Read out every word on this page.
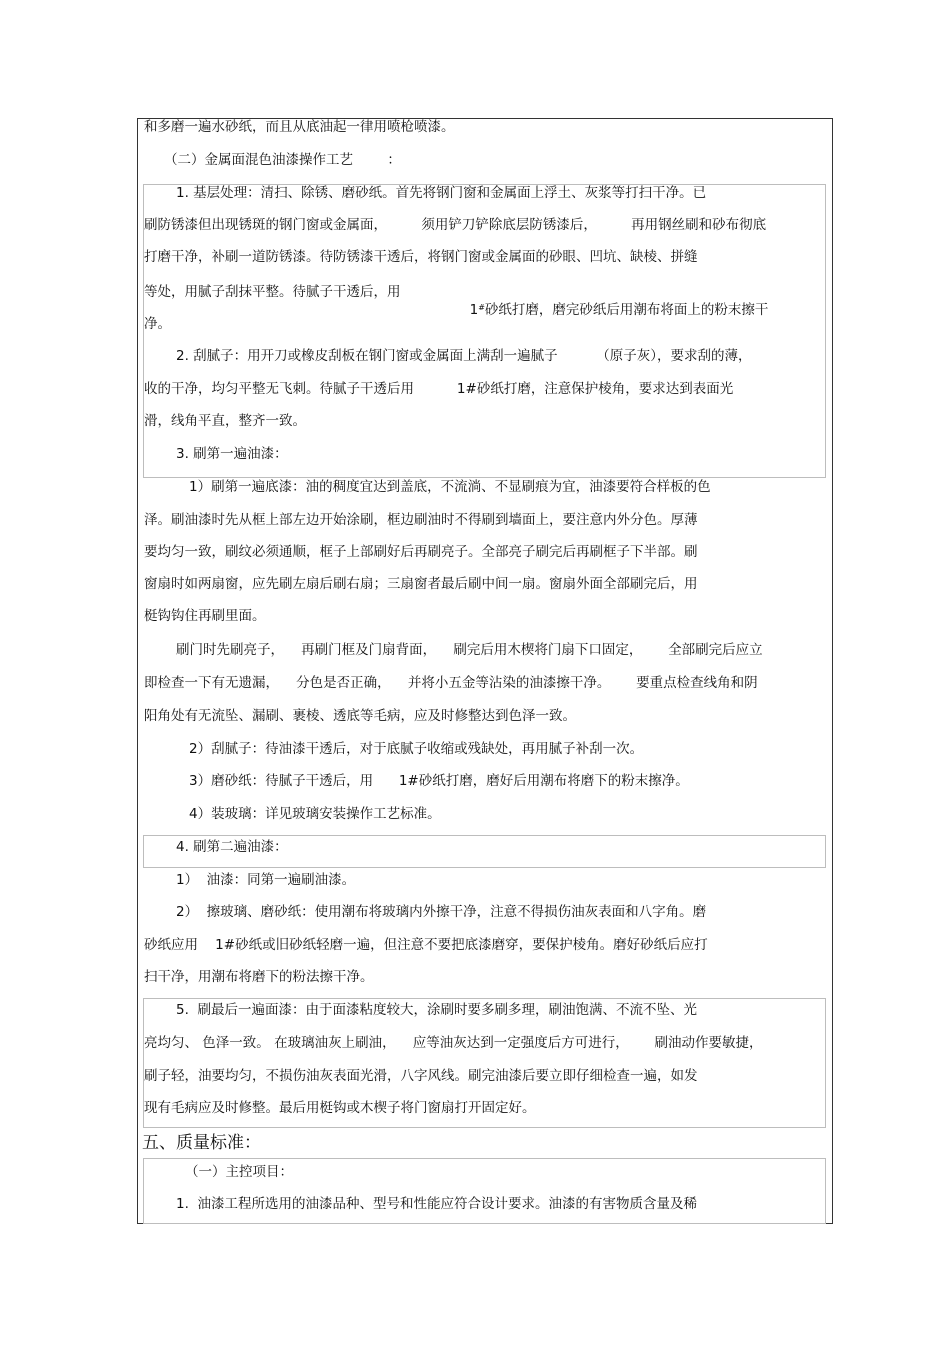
和多磨一遍水砂纸，而且从底油起一律用喷枪喷漆。
（二）金属面混色油漆操作工艺        ：
1. 基层处理：清扫、除锈、磨砂纸。首先将钢门窗和金属面上浮土、灰浆等打扫干净。已
刷防锈漆但出现锈斑的钢门窗或金属面，        须用铲刀铲除底层防锈漆后，        再用钢丝刷和砂布彻底
打磨干净，补刷一道防锈漆。待防锈漆干透后，将钢门窗或金属面的砂眼、凹坑、缺棱、拼缝
等处，用腻子刮抹平整。待腻子干透后，用

1#砂纸打磨，磨完砂纸后用潮布将面上的粉末擦干

净。
2. 刮腻子：用开刀或橡皮刮板在钢门窗或金属面上满刮一遍腻子         （原子灰），要求刮的薄，
收的干净，均匀平整无飞刺。待腻子干透后用          1#砂纸打磨，注意保护棱角，要求达到表面光
滑，线角平直，整齐一致。
3. 刷第一遍油漆：
1）刷第一遍底漆：油的稠度宜达到盖底，不流淌、不显刷痕为宜，油漆要符合样板的色
泽。刷油漆时先从框上部左边开始涂刷，框边刷油时不得刷到墙面上，要注意内外分色。厚薄
要均匀一致，刷纹必须通顺，框子上部刷好后再刷亮子。全部亮子刷完后再刷框子下半部。刷
窗扇时如两扇窗，应先刷左扇后刷右扇；三扇窗者最后刷中间一扇。窗扇外面全部刷完后，用
梃钩钩住再刷里面。
刷门时先刷亮子，    再刷门框及门扇背面，    刷完后用木楔将门扇下口固定，      全部刷完后应立
即检查一下有无遗漏，    分色是否正确，    并将小五金等沾染的油漆擦干净。      要重点检查线角和阴
阳角处有无流坠、漏刷、裹棱、透底等毛病，应及时修整达到色泽一致。
2）刮腻子：待油漆干透后，对于底腻子收缩或残缺处，再用腻子补刮一次。
3）磨砂纸：待腻子干透后，用      1#砂纸打磨，磨好后用潮布将磨下的粉末擦净。
4）装玻璃：详见玻璃安装操作工艺标准。
4. 刷第二遍油漆：
1）  油漆：同第一遍刷油漆。
2）  擦玻璃、磨砂纸：使用潮布将玻璃内外擦干净，注意不得损伤油灰表面和八字角。磨
砂纸应用    1#砂纸或旧砂纸轻磨一遍，但注意不要把底漆磨穿，要保护棱角。磨好砂纸后应打
扫干净，用潮布将磨下的粉法擦干净。
5.  刷最后一遍面漆：由于面漆粘度较大，涂刷时要多刷多理，刷油饱满、不流不坠、光
亮均匀、 色泽一致。 在玻璃油灰上刷油，    应等油灰达到一定强度后方可进行，      刷油动作要敏捷，
刷子轻，油要均匀，不损伤油灰表面光滑，八字风线。刷完油漆后要立即仔细检查一遍，如发
现有毛病应及时修整。最后用梃钩或木楔子将门窗扇打开固定好。
五、质量标准：
（一）主控项目：
1.  油漆工程所选用的油漆品种、型号和性能应符合设计要求。油漆的有害物质含量及稀
